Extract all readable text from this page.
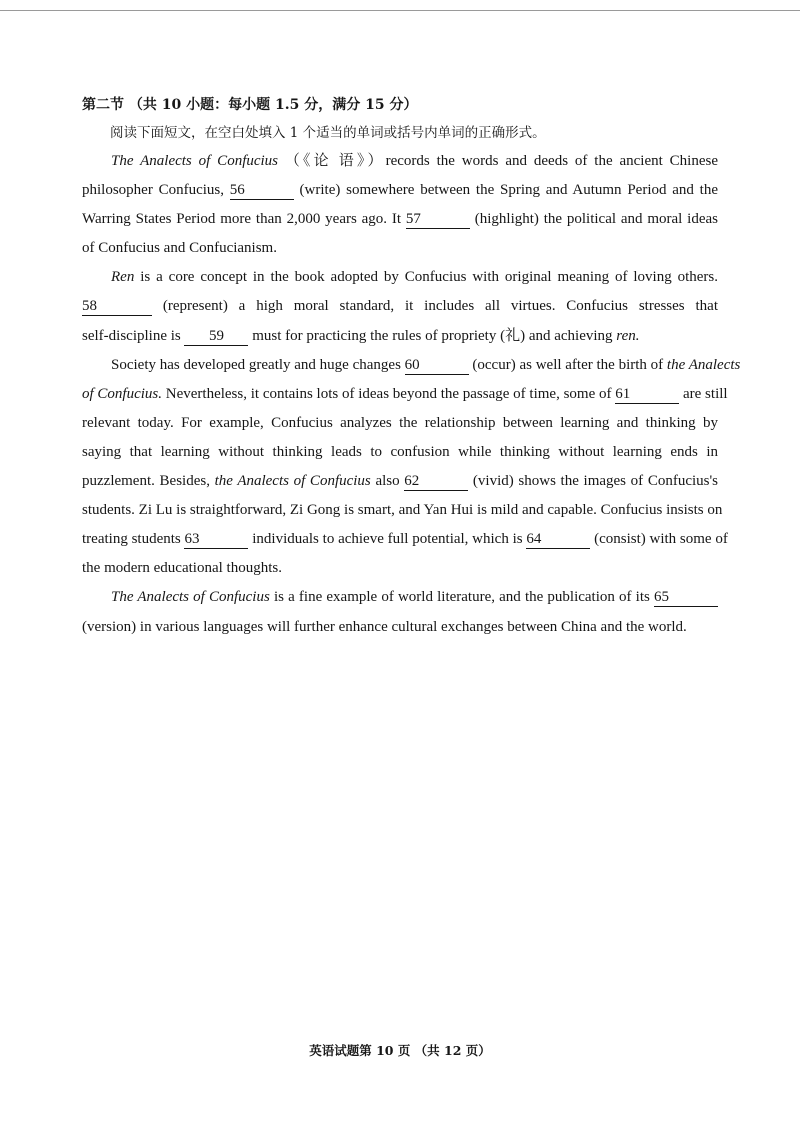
第二节 （共 10 小题：每小题 1.5 分，满分 15 分）
阅读下面短文，在空白处填入 1 个适当的单词或括号内单词的正确形式。
The Analects of Confucius （《论 语》）records the words and deeds of the ancient Chinese
philosopher Confucius, 56	(write) somewhere between the Spring and Autumn Period and the
Warring States Period more than 2,000 years ago. It 57	(highlight) the political and moral ideas
of Confucius and Confucianism.
Ren is a core concept in the book adopted by Confucius with original meaning of loving others.
58	(represent) a high moral standard, it includes all virtues. Confucius stresses that
self-discipline is 59 must for practicing the rules of propriety (礼) and achieving ren.
Society has developed greatly and huge changes 60	(occur) as well after the birth of the Analects
of Confucius. Nevertheless, it contains lots of ideas beyond the passage of time, some of 61	are still
relevant today. For example, Confucius analyzes the relationship between learning and thinking by
saying that learning without thinking leads to confusion while thinking without learning ends in
puzzlement. Besides, the Analects of Confucius also 62	(vivid) shows the images of Confucius's
students. Zi Lu is straightforward, Zi Gong is smart, and Yan Hui is mild and capable. Confucius insists on
treating students 63	individuals to achieve full potential, which is 64	(consist) with some of
the modern educational thoughts.
The Analects of Confucius is a fine example of world literature, and the publication of its 65
(version) in various languages will further enhance cultural exchanges between China and the world.
英语试题第 10 页 （共 12 页）
